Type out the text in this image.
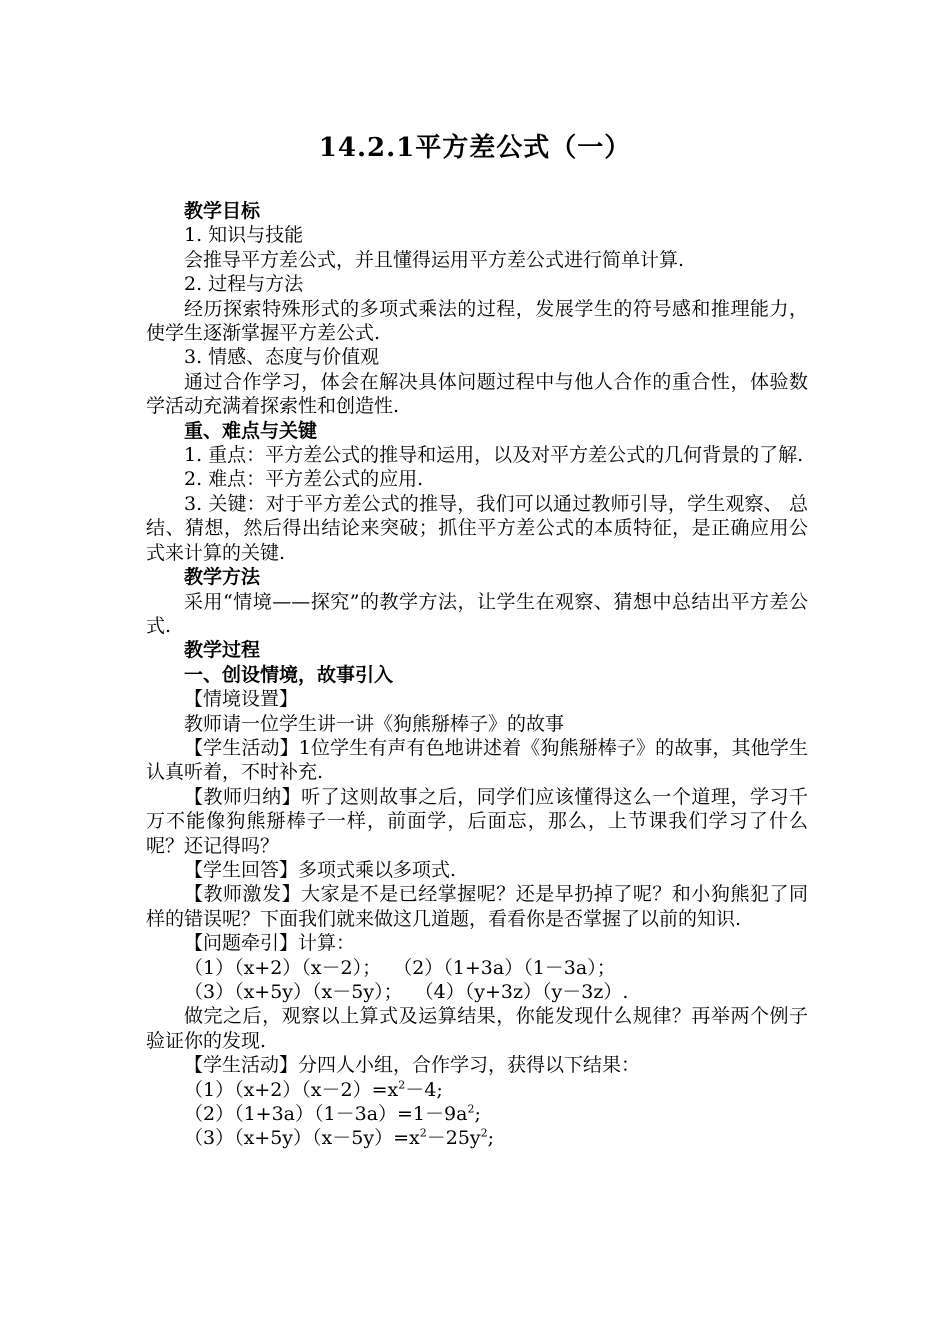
14.2.1平方差公式（一）

教学目标

1. 知识与技能

会推导平方差公式，并且懂得运用平方差公式进行简单计算.

2. 过程与方法

经历探索特殊形式的多项式乘法的过程，发展学生的符号感和推理能力，使学生逐渐掌握平方差公式.

3. 情感、态度与价值观

通过合作学习，体会在解决具体问题过程中与他人合作的重合性，体验数学活动充满着探索性和创造性.

重、难点与关键

1. 重点：平方差公式的推导和运用，以及对平方差公式的几何背景的了解.

2. 难点：平方差公式的应用.

3. 关键：对于平方差公式的推导，我们可以通过教师引导，学生观察、 总结、猜想，然后得出结论来突破；抓住平方差公式的本质特征，是正确应用公式来计算的关键.

教学方法

采用“情境——探究”的教学方法，让学生在观察、猜想中总结出平方差公式.

教学过程

一、创设情境，故事引入

【情境设置】

教师请一位学生讲一讲《狗熊掰棒子》的故事

【学生活动】1位学生有声有色地讲述着《狗熊掰棒子》的故事，其他学生认真听着，不时补充.

【教师归纳】听了这则故事之后，同学们应该懂得这么一个道理，学习千万不能像狗熊掰棒子一样，前面学，后面忘，那么，上节课我们学习了什么呢？还记得吗？

【学生回答】多项式乘以多项式.

【教师激发】大家是不是已经掌握呢？还是早扔掉了呢？和小狗熊犯了同样的错误呢？下面我们就来做这几道题，看看你是否掌握了以前的知识.

【问题牵引】计算：

（1）（x+2）（x－2）；  （2）（1+3a）（1－3a）；

（3）（x+5y）（x－5y）；  （4）（y+3z）（y－3z）.

做完之后，观察以上算式及运算结果，你能发现什么规律？再举两个例子验证你的发现.

【学生活动】分四人小组，合作学习，获得以下结果：

$(1)(x+2)(x-2)=x^2-4$;

$(2)(1+3a)(1-3a)=1-9a^2$;

$(3)(x+5y)(x-5y)=x^2-25y^2$;
